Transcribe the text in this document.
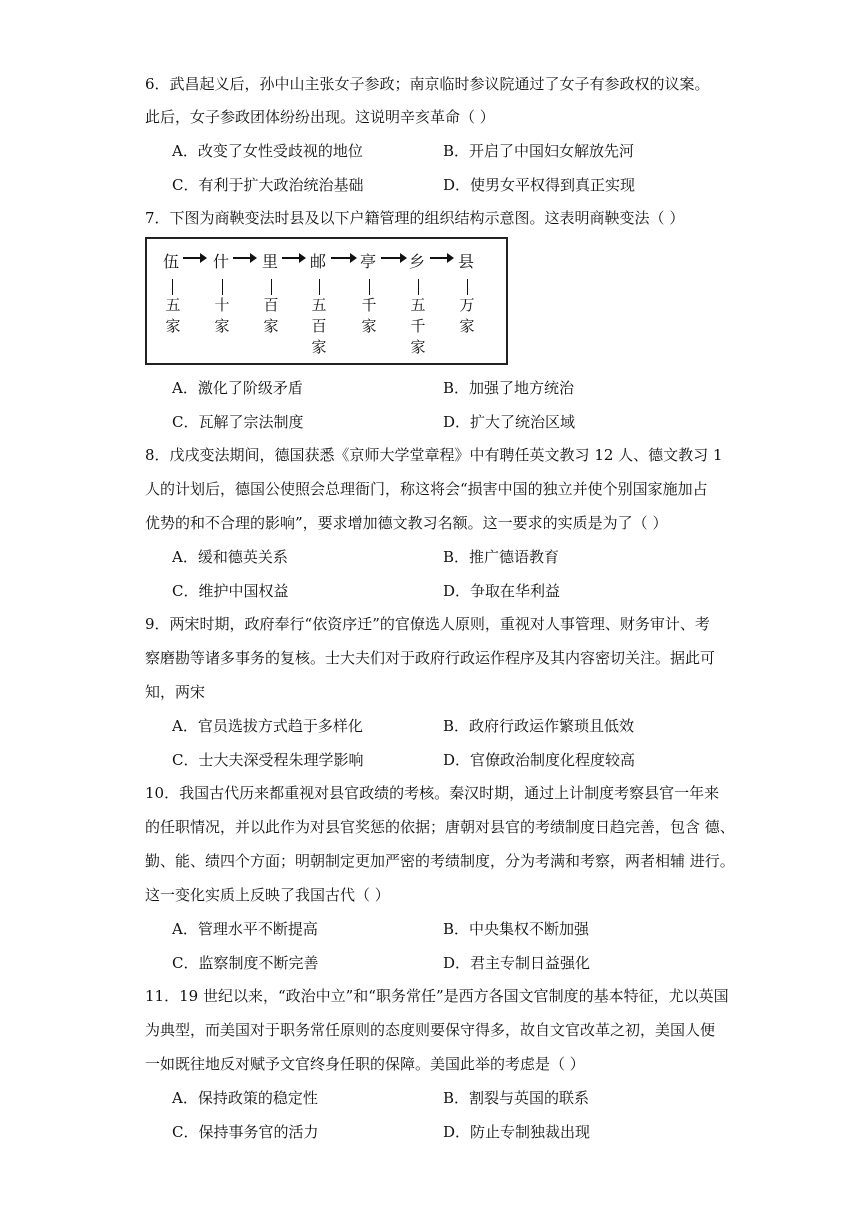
6．武昌起义后，孙中山主张女子参政；南京临时参议院通过了女子有参政权的议案。
此后，女子参政团体纷纷出现。这说明辛亥革命（ ）
A．改变了女性受歧视的地位	B．开启了中国妇女解放先河
C．有利于扩大政治统治基础	D．使男女平权得到真正实现
7．下图为商鞅变法时县及以下户籍管理的组织结构示意图。这表明商鞅变法（ ）
伍 什 里 邮 亭 乡 县
五
家
十
家
百
家
五
百
家
千
家
五
千
家
万
家
A．激化了阶级矛盾	B．加强了地方统治
C．瓦解了宗法制度	D．扩大了统治区域
8．戊戌变法期间，德国获悉《京师大学堂章程》中有聘任英文教习 12 人、德文教习 1
人的计划后，德国公使照会总理衙门，称这将会“损害中国的独立并使个别国家施加占
优势的和不合理的影响”，要求增加德文教习名额。这一要求的实质是为了（ ）
A．缓和德英关系	B．推广德语教育
C．维护中国权益	D．争取在华利益
9．两宋时期，政府奉行“依资序迁”的官僚选人原则，重视对人事管理、财务审计、考
察磨勘等诸多事务的复核。士大夫们对于政府行政运作程序及其内容密切关注。据此可
知，两宋
A．官员选拔方式趋于多样化	B．政府行政运作繁琐且低效
C．士大夫深受程朱理学影响	D．官僚政治制度化程度较高
10．我国古代历来都重视对县官政绩的考核。秦汉时期，通过上计制度考察县官一年来
的任职情况，并以此作为对县官奖惩的依据；唐朝对县官的考绩制度日趋完善，包含 德、
勤、能、绩四个方面；明朝制定更加严密的考绩制度，分为考满和考察，两者相辅 进行。
这一变化实质上反映了我国古代（ ）
A．管理水平不断提高	B．中央集权不断加强
C．监察制度不断完善	D．君主专制日益强化
11．19 世纪以来，“政治中立”和“职务常任”是西方各国文官制度的基本特征，尤以英国
为典型，而美国对于职务常任原则的态度则要保守得多，故自文官改革之初，美国人便
一如既往地反对赋予文官终身任职的保障。美国此举的考虑是（ ）
A．保持政策的稳定性	B．割裂与英国的联系
C．保持事务官的活力	D．防止专制独裁出现
